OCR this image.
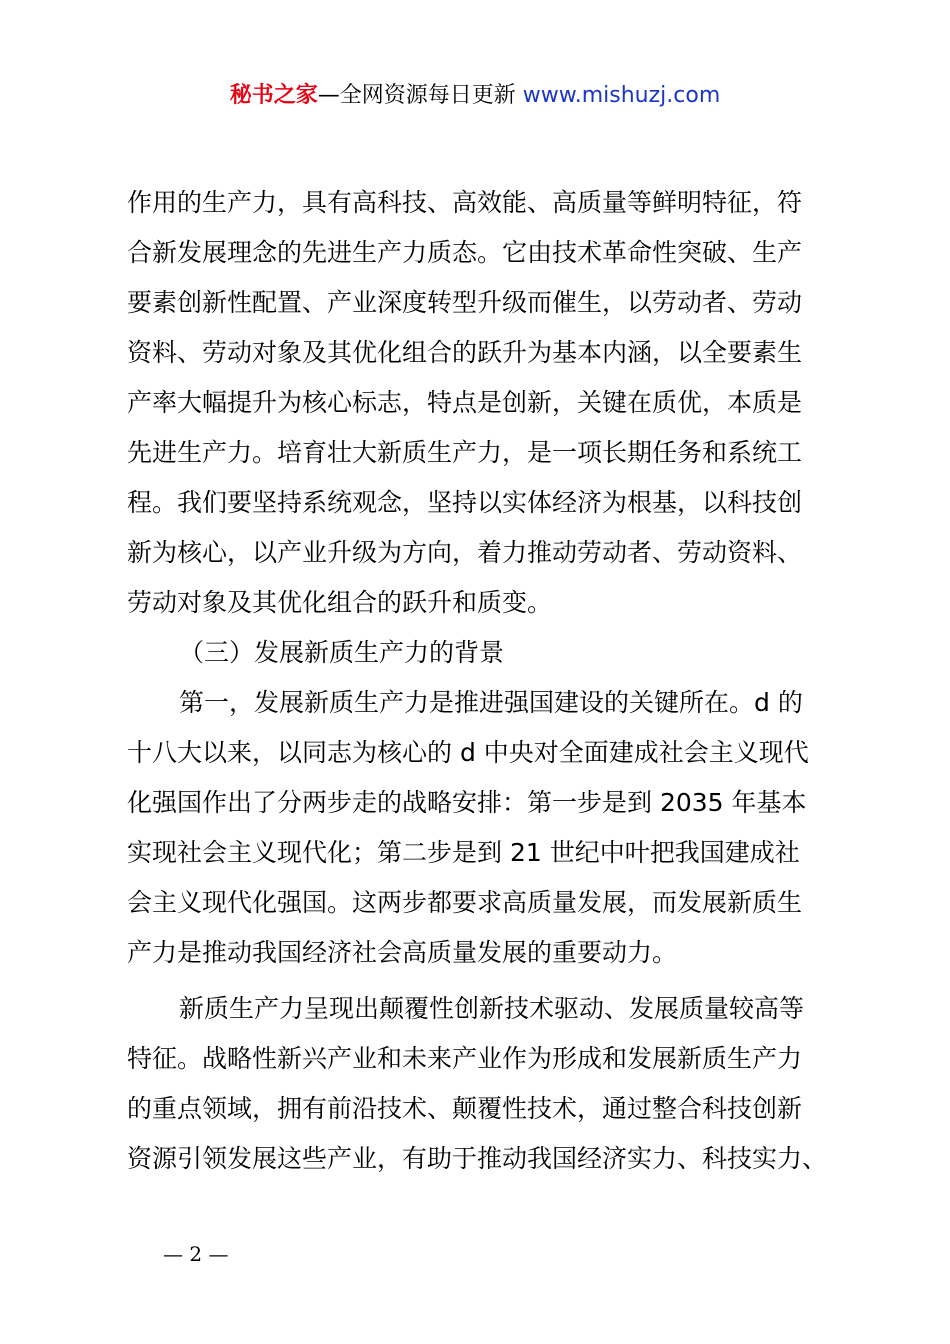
秘书之家—全网资源每日更新 www.mishuzj.com
作用的生产力，具有高科技、高效能、高质量等鲜明特征，符
合新发展理念的先进生产力质态。它由技术革命性突破、生产
要素创新性配置、产业深度转型升级而催生，以劳动者、劳动
资料、劳动对象及其优化组合的跃升为基本内涵，以全要素生
产率大幅提升为核心标志，特点是创新，关键在质优，本质是
先进生产力。培育壮大新质生产力，是一项长期任务和系统工
程。我们要坚持系统观念，坚持以实体经济为根基，以科技创
新为核心，以产业升级为方向，着力推动劳动者、劳动资料、
劳动对象及其优化组合的跃升和质变。
（三）发展新质生产力的背景
第一，发展新质生产力是推进强国建设的关键所在。d 的
十八大以来，以同志为核心的 d 中央对全面建成社会主义现代
化强国作出了分两步走的战略安排：第一步是到 2035 年基本
实现社会主义现代化；第二步是到 21 世纪中叶把我国建成社
会主义现代化强国。这两步都要求高质量发展，而发展新质生
产力是推动我国经济社会高质量发展的重要动力。
新质生产力呈现出颠覆性创新技术驱动、发展质量较高等
特征。战略性新兴产业和未来产业作为形成和发展新质生产力
的重点领域，拥有前沿技术、颠覆性技术，通过整合科技创新
资源引领发展这些产业，有助于推动我国经济实力、科技实力、
— 2 —
